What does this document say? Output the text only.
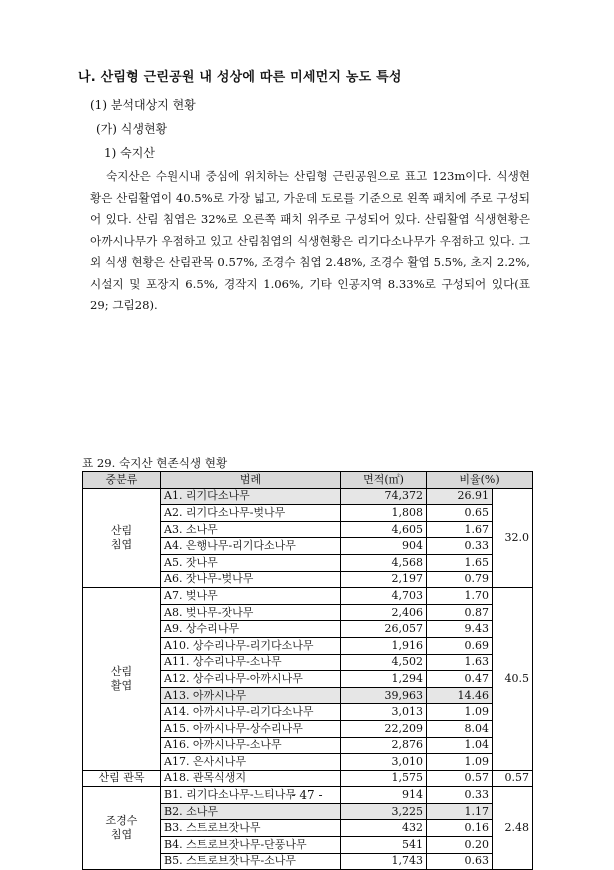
나. 산림형 근린공원 내 성상에 따른 미세먼지 농도 특성
(1) 분석대상지 현황
(가) 식생현황
1) 숙지산
숙지산은 수원시내 중심에 위치하는 산림형 근린공원으로 표고 123m이다. 식생현황은 산림활엽이 40.5%로 가장 넓고, 가운데 도로를 기준으로 왼쪽 패치에 주로 구성되어 있다. 산림 침엽은 32%로 오른쪽 패치 위주로 구성되어 있다. 산림활엽 식생현황은 아까시나무가 우점하고 있고 산림침엽의 식생현황은 리기다소나무가 우점하고 있다. 그 외 식생 현황은 산림관목 0.57%, 조경수 침엽 2.48%, 조경수 활엽 5.5%, 초지 2.2%, 시설지 및 포장지 6.5%, 경작지 1.06%, 기타 인공지역 8.33%로 구성되어 있다(표 29; 그림28).
표 29. 숙지산 현존식생 현황
중분류	범례	면적(㎡)	비율(%)	
산림
침엽	A1. 리기다소나무	74,372	26.91	32.0
	A2. 리기다소나무-벚나무	1,808	0.65	
	A3. 소나무	4,605	1.67	
	A4. 은행나무-리기다소나무	904	0.33	
	A5. 잣나무	4,568	1.65	
	A6. 잣나무-벚나무	2,197	0.79	
산림
활엽	A7. 벚나무	4,703	1.70	40.5
	A8. 벚나무-잣나무	2,406	0.87	
	A9. 상수리나무	26,057	9.43	
	A10. 상수리나무-리기다소나무	1,916	0.69	
	A11. 상수리나무-소나무	4,502	1.63	
	A12. 상수리나무-아까시나무	1,294	0.47	
	A13. 아까시나무	39,963	14.46	
	A14. 아까시나무-리기다소나무	3,013	1.09	
	A15. 아까시나무-상수리나무	22,209	8.04	
	A16. 아까시나무-소나무	2,876	1.04	
	A17. 은사시나무	3,010	1.09	
산림 관목	A18. 관목식생지	1,575	0.57	0.57
조경수
침엽	B1. 리기다소나무-느티나무	914	0.33	2.48
	B2. 소나무	3,225	1.17	
	B3. 스트로브잣나무	432	0.16	
	B4. 스트로브잣나무-단풍나무	541	0.20	
	B5. 스트로브잣나무-소나무	1,743	0.63	
- 47 -
